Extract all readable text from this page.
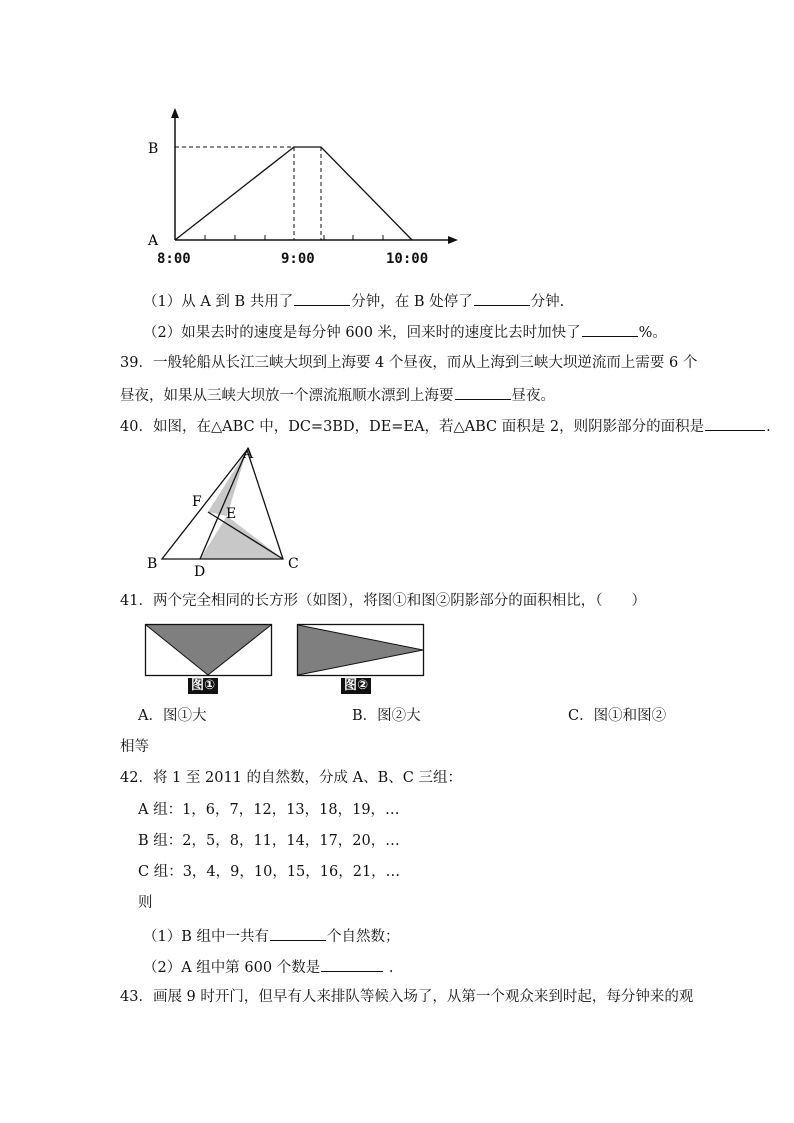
B
A
8:00	9:00	10:00
（1）从 A 到 B 共用了	分钟，在 B 处停了	分钟.
（2）如果去时的速度是每分钟 600 米，回来时的速度比去时加快了	%。
39．一般轮船从长江三峡大坝到上海要 4 个昼夜，而从上海到三峡大坝逆流而上需要 6 个
昼夜，如果从三峡大坝放一个漂流瓶顺水漂到上海要	昼夜。
40．如图，在△ABC 中，DC=3BD，DE=EA，若△ABC 面积是 2，则阴影部分的面积是	.
A
F
E
B	D	C
41．两个完全相同的长方形（如图），将图①和图②阴影部分的面积相比，（　　）
图①	图②
A．图①大	B．图②大	C．图①和图②
相等
42．将 1 至 2011 的自然数，分成 A、B、C 三组：
A 组：1，6，7，12，13，18，19，…
B 组：2，5，8，11，14，17，20，…
C 组：3，4，9，10，15，16，21，…
则
（1）B 组中一共有	个自然数；
（2）A 组中第 600 个数是	.
43．画展 9 时开门，但早有人来排队等候入场了，从第一个观众来到时起，每分钟来的观
